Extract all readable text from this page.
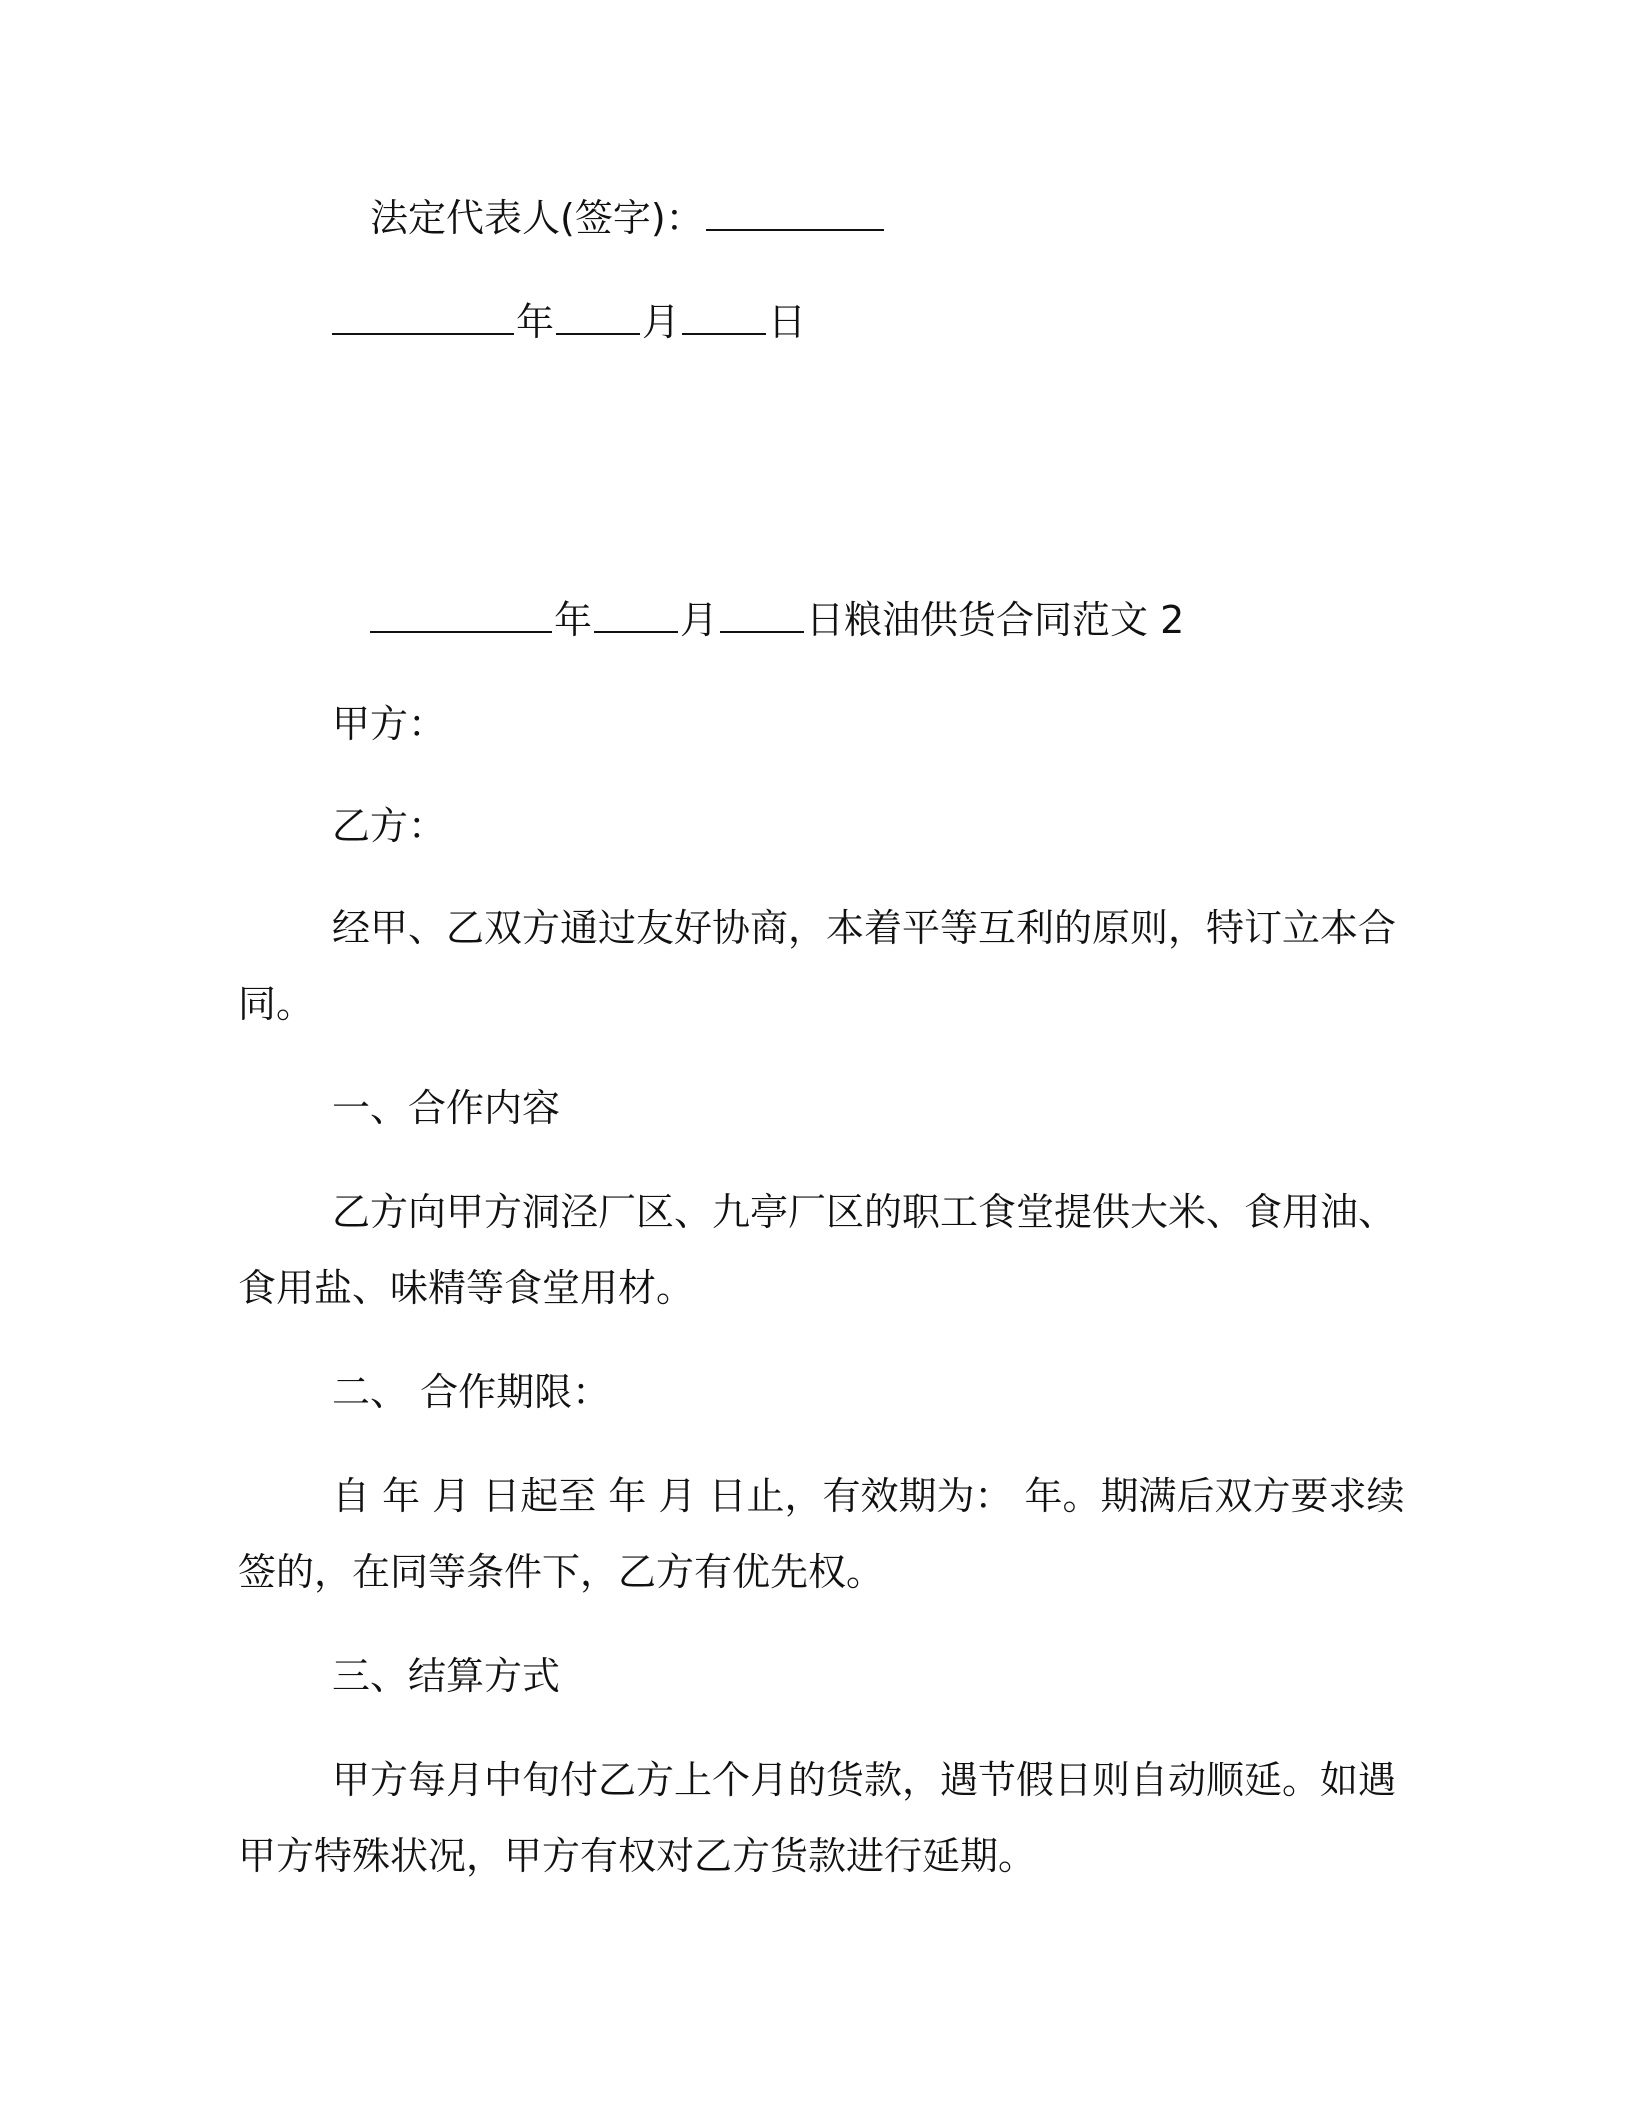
法定代表人(签字)：
年 月 日
年 月 日粮油供货合同范文 2
甲方：
乙方：
经甲、乙双方通过友好协商，本着平等互利的原则，特订立本合
同。
一、合作内容
乙方向甲方洞泾厂区、九亭厂区的职工食堂提供大米、食用油、
食用盐、味精等食堂用材。
二、 合作期限：
自 年 月 日起至 年 月 日止，有效期为： 年。期满后双方要求续
签的，在同等条件下，乙方有优先权。
三、结算方式
甲方每月中旬付乙方上个月的货款，遇节假日则自动顺延。如遇
甲方特殊状况，甲方有权对乙方货款进行延期。
